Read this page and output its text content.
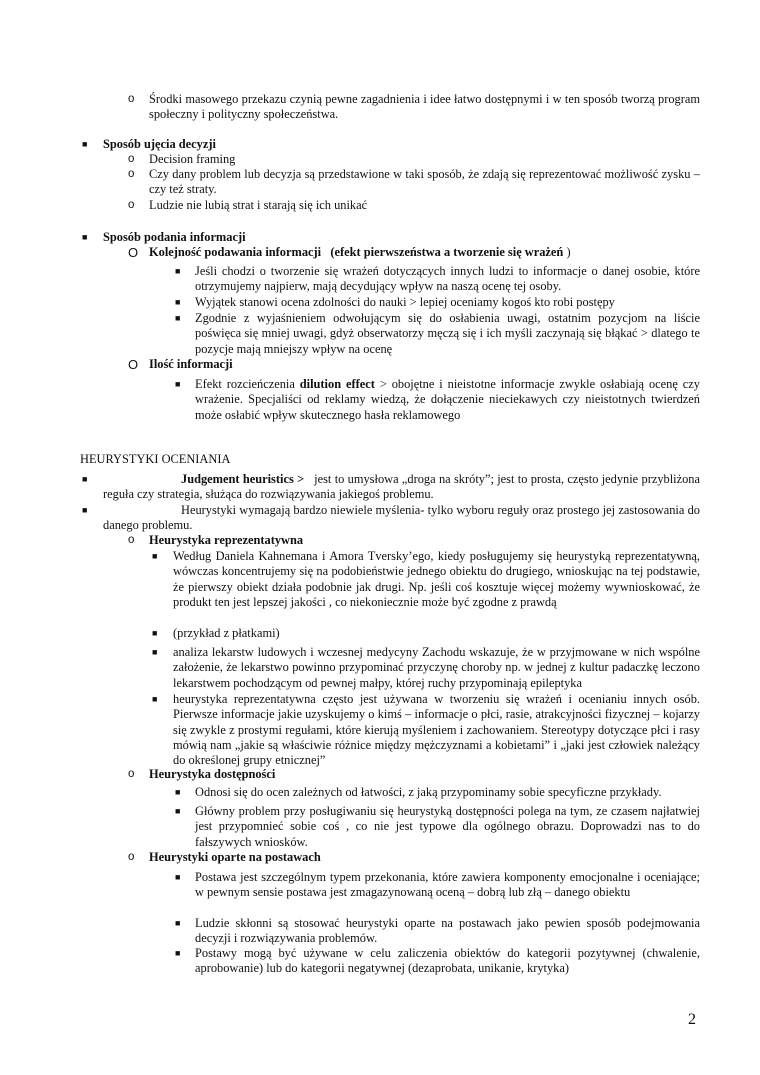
o Środki masowego przekazu czynią pewne zagadnienia i idee łatwo dostępnymi i w ten sposób tworzą program społeczny i polityczny społeczeństwa.
■ Sposób ujęcia decyzji
o Decision framing
o Czy dany problem lub decyzja są przedstawione w taki sposób, że zdają się reprezentować możliwość zysku – czy też straty.
o Ludzie nie lubią strat i starają się ich unikać
■ Sposób podania informacji
O Kolejność podawania informacji (efekt pierwszeństwa a tworzenie się wrażeń )
■ Jeśli chodzi o tworzenie się wrażeń dotyczących innych ludzi to informacje o danej osobie, które otrzymujemy najpierw, mają decydujący wpływ na naszą ocenę tej osoby.
■ Wyjątek stanowi ocena zdolności do nauki > lepiej oceniamy kogoś kto robi postępy
■ Zgodnie z wyjaśnieniem odwołującym się do osłabienia uwagi, ostatnim pozycjom na liście poświęca się mniej uwagi, gdyż obserwatorzy męczą się i ich myśli zaczynają się błąkać > dlatego te pozycje mają mniejszy wpływ na ocenę
O Ilość informacji
■ Efekt rozcieńczenia dilution effect > obojętne i nieistotne informacje zwykle osłabiają ocenę czy wrażenie. Specjaliści od reklamy wiedzą, że dołączenie nieciekawych czy nieistotnych twierdzeń może osłabić wpływ skutecznego hasła reklamowego
HEURYSTYKI OCENIANIA
■	Judgement heuristics > jest to umysłowa „droga na skróty”; jest to prosta, często jedynie przybliżona reguła czy strategia, służąca do rozwiązywania jakiegoś problemu.
■	Heurystyki wymagają bardzo niewiele myślenia- tylko wyboru reguły oraz prostego jej zastosowania do danego problemu.
o Heurystyka reprezentatywna
■ Według Daniela Kahnemana i Amora Tversky’ego, kiedy posługujemy się heurystyką reprezentatywną, wówczas koncentrujemy się na podobieństwie jednego obiektu do drugiego, wnioskując na tej podstawie, że pierwszy obiekt działa podobnie jak drugi. Np. jeśli coś kosztuje więcej możemy wywnioskować, że produkt ten jest lepszej jakości , co niekoniecznie może być zgodne z prawdą
■ (przykład z płatkami)
■ analiza lekarstw ludowych i wczesnej medycyny Zachodu wskazuje, że w przyjmowane w nich wspólne założenie, że lekarstwo powinno przypominać przyczynę choroby np. w jednej z kultur padaczkę leczono lekarstwem pochodzącym od pewnej małpy, której ruchy przypominają epileptyka
■ heurystyka reprezentatywna często jest używana w tworzeniu się wrażeń i ocenianiu innych osób. Pierwsze informacje jakie uzyskujemy o kimś – informacje o płci, rasie, atrakcyjności fizycznej – kojarzy się zwykle z prostymi regułami, które kierują myśleniem i zachowaniem. Stereotypy dotyczące płci i rasy mówią nam „jakie są właściwie różnice między mężczyznami a kobietami” i „jaki jest człowiek należący do określonej grupy etnicznej”
o Heurystyka dostępności
■ Odnosi się do ocen zależnych od łatwości, z jaką przypominamy sobie specyficzne przykłady.
■ Główny problem przy posługiwaniu się heurystyką dostępności polega na tym, ze czasem najłatwiej jest przypomnieć sobie coś , co nie jest typowe dla ogólnego obrazu. Doprowadzi nas to do fałszywych wniosków.
o Heurystyki oparte na postawach
■ Postawa jest szczególnym typem przekonania, które zawiera komponenty emocjonalne i oceniające; w pewnym sensie postawa jest zmagazynowaną oceną – dobrą lub złą – danego obiektu
■ Ludzie skłonni są stosować heurystyki oparte na postawach jako pewien sposób podejmowania decyzji i rozwiązywania problemów.
■ Postawy mogą być używane w celu zaliczenia obiektów do kategorii pozytywnej (chwalenie, aprobowanie) lub do kategorii negatywnej (dezaprobata, unikanie, krytyka)
2
